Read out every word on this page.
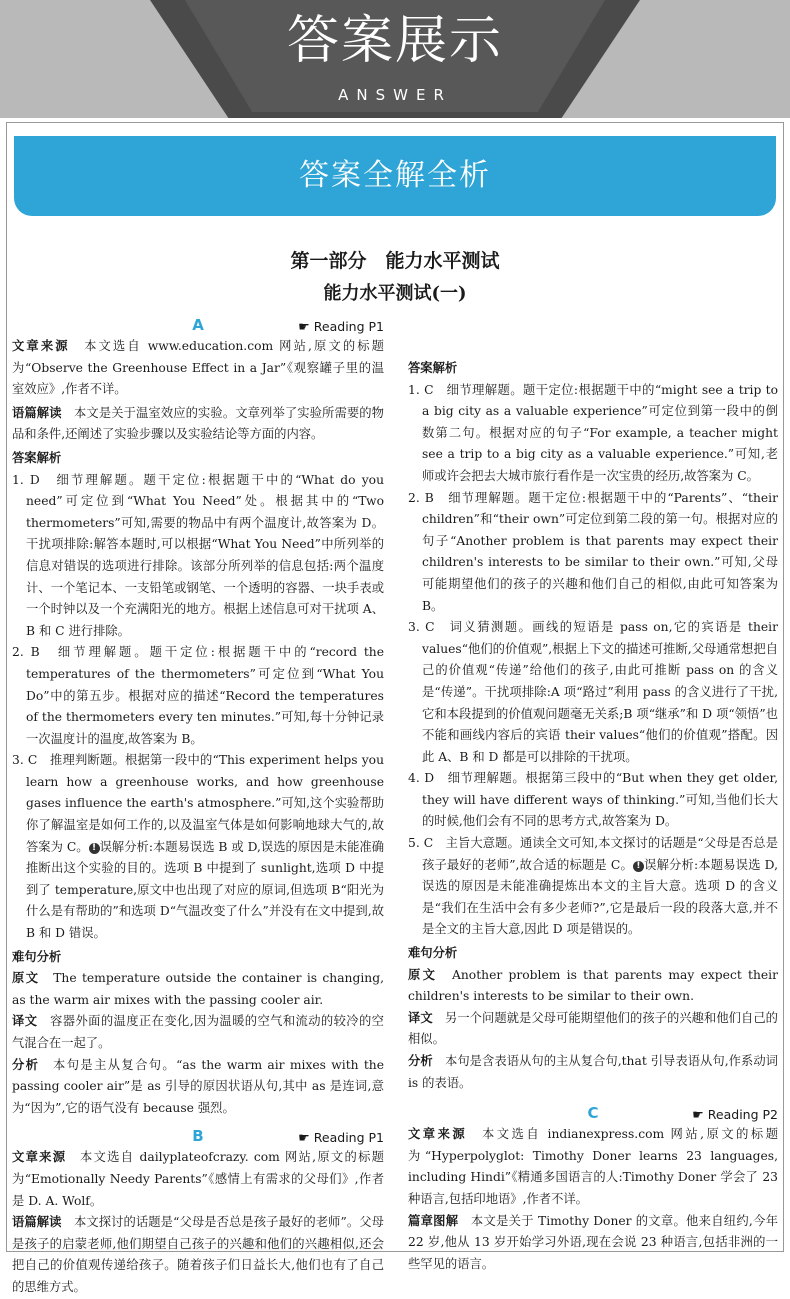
答案展示
ANSWER
答案全解全析
第一部分　能力水平测试
能力水平测试(一)
A	☛ Reading P1

文章来源　 本文选自 www.education.com 网站,原文的标题为“Observe the Greenhouse Effect in a Jar”《观察罐子里的温室效应》,作者不详。

语篇解读　 本文是关于温室效应的实验。文章列举了实验所需要的物品和条件,还阐述了实验步骤以及实验结论等方面的内容。

答案解析

1. D　细节理解题。题干定位:根据题干中的“What do you need”可定位到“What You Need”处。根据其中的“Two thermometers”可知,需要的物品中有两个温度计,故答案为 D。干扰项排除:解答本题时,可以根据“What You Need”中所列举的信息对错误的选项进行排除。该部分所列举的信息包括:两个温度计、一个笔记本、一支铅笔或钢笔、一个透明的容器、一块手表或一个时钟以及一个充满阳光的地方。根据上述信息可对干扰项 A、B 和 C 进行排除。

2. B　细节理解题。题干定位:根据题干中的“record the temperatures of the thermometers”可定位到“What You Do”中的第五步。根据对应的描述“Record the temperatures of the thermometers every ten minutes.”可知,每十分钟记录一次温度计的温度,故答案为 B。

3. C　推理判断题。根据第一段中的“This experiment helps you learn how a greenhouse works, and how greenhouse gases influence the earth's atmosphere.”可知,这个实验帮助你了解温室是如何工作的,以及温室气体是如何影响地球大气的,故答案为 C。 ! 误解分析:本题易误选 B 或 D,误选的原因是未能准确推断出这个实验的目的。选项 B 中提到了 sunlight,选项 D 中提到了 temperature,原文中也出现了对应的原词,但选项 B“阳光为什么是有帮助的”和选项 D“气温改变了什么”并没有在文中提到,故 B 和 D 错误。

难句分析

原文　 The temperature outside the container is changing, as the warm air mixes with the passing cooler air.

译文　 容器外面的温度正在变化,因为温暖的空气和流动的较冷的空气混合在一起了。

分析　 本句是主从复合句。“as the warm air mixes with the passing cooler air”是 as 引导的原因状语从句,其中 as 是连词,意为“因为”,它的语气没有 because 强烈。

B	☛ Reading P1

文章来源　 本文选自 dailyplateofcrazy. com 网站,原文的标题为“Emotionally Needy Parents”《感情上有需求的父母们》,作者是 D. A. Wolf。

语篇解读　 本文探讨的话题是“父母是否总是孩子最好的老师”。父母是孩子的启蒙老师,他们期望自己孩子的兴趣和他们的兴趣相似,还会把自己的价值观传递给孩子。随着孩子们日益长大,他们也有了自己的思维方式。

答案解析

1. C　细节理解题。题干定位:根据题干中的“might see a trip to a big city as a valuable experience”可定位到第一段中的倒数第二句。根据对应的句子“For example, a teacher might see a trip to a big city as a valuable experience.”可知,老师或许会把去大城市旅行看作是一次宝贵的经历,故答案为 C。

2. B　细节理解题。题干定位:根据题干中的“Parents”、“their children”和“their own”可定位到第二段的第一句。根据对应的句子“Another problem is that parents may expect their children's interests to be similar to their own.”可知,父母可能期望他们的孩子的兴趣和他们自己的相似,由此可知答案为 B。

3. C　词义猜测题。画线的短语是 pass on,它的宾语是 their values“他们的价值观”,根据上下文的描述可推断,父母通常想把自己的价值观“传递”给他们的孩子,由此可推断 pass on 的含义是“传递”。干扰项排除:A 项“路过”利用 pass 的含义进行了干扰,它和本段提到的价值观问题毫无关系;B 项“继承”和 D 项“领悟”也不能和画线内容后的宾语 their values“他们的价值观”搭配。因此 A、B 和 D 都是可以排除的干扰项。

4. D　细节理解题。根据第三段中的“But when they get older, they will have different ways of thinking.”可知,当他们长大的时候,他们会有不同的思考方式,故答案为 D。

5. C　主旨大意题。通读全文可知,本文探讨的话题是“父母是否总是孩子最好的老师”,故合适的标题是 C。 ! 误解分析:本题易误选 D,误选的原因是未能准确提炼出本文的主旨大意。选项 D 的含义是“我们在生活中会有多少老师?”,它是最后一段的段落大意,并不是全文的主旨大意,因此 D 项是错误的。

难句分析

原文　 Another problem is that parents may expect their children's interests to be similar to their own.

译文　 另一个问题就是父母可能期望他们的孩子的兴趣和他们自己的相似。

分析　 本句是含表语从句的主从复合句,that 引导表语从句,作系动词 is 的表语。

C	☛ Reading P2

文章来源　 本文选自 indianexpress.com 网站,原文的标题为“Hyperpolyglot: Timothy Doner learns 23 languages, including Hindi”《精通多国语言的人:Timothy Doner 学会了 23 种语言,包括印地语》,作者不详。

篇章图解　 本文是关于 Timothy Doner 的文章。他来自纽约,今年 22 岁,他从 13 岁开始学习外语,现在会说 23 种语言,包括非洲的一些罕见的语言。
